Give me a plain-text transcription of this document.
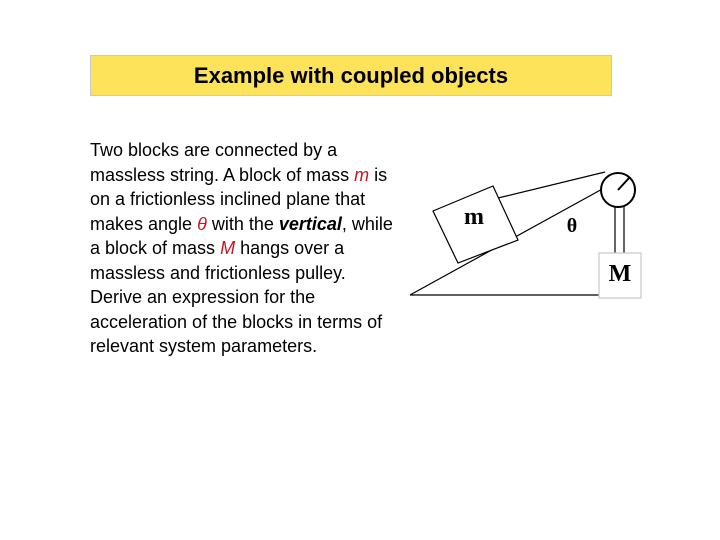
Example with coupled objects
Two blocks are connected by a massless string. A block of mass m is on a frictionless inclined plane that makes angle θ with the vertical, while a block of mass M hangs over a massless and frictionless pulley.
Derive an expression for the acceleration of the blocks in terms of relevant system parameters.
m	θ
M
